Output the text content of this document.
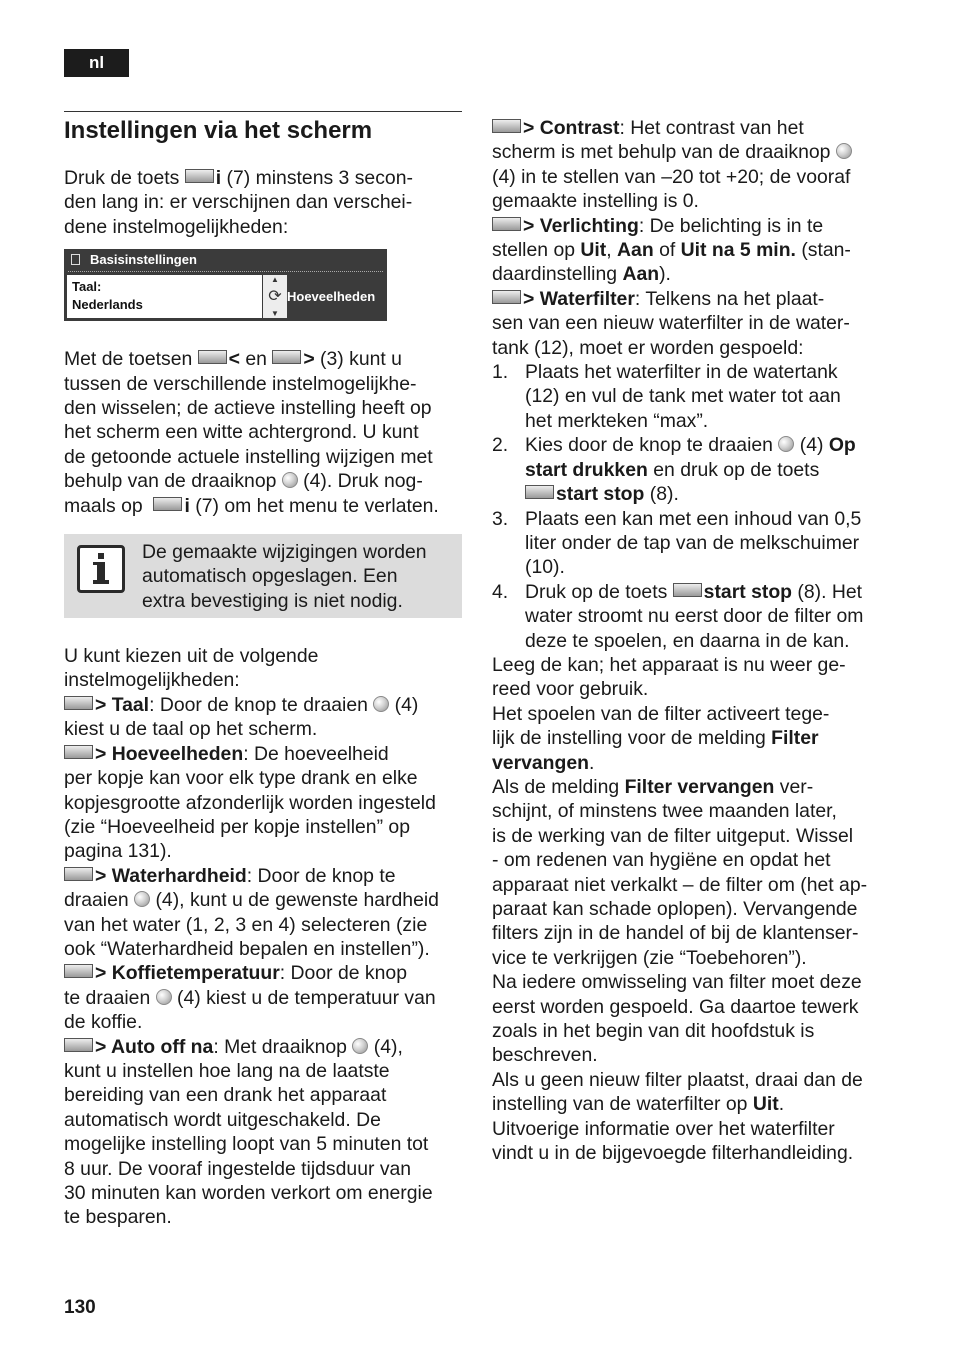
nl
Instellingen via het scherm

Druk de toets i (7) minstens 3 secon-
den lang in: er verschijnen dan verschei-
dene instelmogelijkheden:

Basisinstellingen
Taal:
Nederlands
▲
⟳
▼
Hoeveelheden

Met de toetsen < en > (3) kunt u
tussen de verschillende instelmogelijkhe-
den wisselen; de actieve instelling heeft op
het scherm een witte achtergrond. U kunt
de getoonde actuele instelling wijzigen met
behulp van de draaiknop  (4). Druk nog-
maals op i (7) om het menu te verlaten.

De gemaakte wijzigingen worden
automatisch opgeslagen. Een
extra bevestiging is niet nodig.

U kunt kiezen uit de volgende
instelmogelijkheden:
> Taal: Door de knop te draaien  (4)
kiest u de taal op het scherm.
> Hoeveelheden: De hoeveelheid
per kopje kan voor elk type drank en elke
kopjesgrootte afzonderlijk worden ingesteld
(zie “Hoeveelheid per kopje instellen” op
pagina 131).
> Waterhardheid: Door de knop te
draaien  (4), kunt u de gewenste hardheid
van het water (1, 2, 3 en 4) selecteren (zie
ook “Waterhardheid bepalen en instellen”).
> Koffietemperatuur: Door de knop
te draaien  (4) kiest u de temperatuur van
de koffie.
> Auto off na: Met draaiknop  (4),
kunt u instellen hoe lang na de laatste
bereiding van een drank het apparaat
automatisch wordt uitgeschakeld. De
mogelijke instelling loopt van 5 minuten tot
8 uur. De vooraf ingestelde tijdsduur van
30 minuten kan worden verkort om energie
te besparen.

> Contrast: Het contrast van het
scherm is met behulp van de draaiknop
(4) in te stellen van –20 tot +20; de vooraf
gemaakte instelling is 0.
> Verlichting: De belichting is in te
stellen op Uit, Aan of Uit na 5 min. (stan-
daardinstelling Aan).
> Waterfilter: Telkens na het plaat-
sen van een nieuw waterfilter in de water-
tank (12), moet er worden gespoeld:

1. Plaats het waterfilter in de watertank
(12) en vul de tank met water tot aan
het merkteken “max”.
2. Kies door de knop te draaien  (4) Op
start drukken en druk op de toets
start stop (8).
3. Plaats een kan met een inhoud van 0,5
liter onder de tap van de melkschuimer
(10).
4. Druk op de toets start stop (8). Het
water stroomt nu eerst door de filter om
deze te spoelen, en daarna in de kan.

Leeg de kan; het apparaat is nu weer ge-
reed voor gebruik.
Het spoelen van de filter activeert tege-
lijk de instelling voor de melding Filter
vervangen.
Als de melding Filter vervangen ver-
schijnt, of minstens twee maanden later,
is de werking van de filter uitgeput. Wissel
- om redenen van hygiëne en opdat het
apparaat niet verkalkt – de filter om (het ap-
paraat kan schade oplopen). Vervangende
filters zijn in de handel of bij de klantenser-
vice te verkrijgen (zie “Toebehoren”).
Na iedere omwisseling van filter moet deze
eerst worden gespoeld. Ga daartoe tewerk
zoals in het begin van dit hoofdstuk is
beschreven.
Als u geen nieuw filter plaatst, draai dan de
instelling van de waterfilter op Uit.
Uitvoerige informatie over het waterfilter
vindt u in de bijgevoegde filterhandleiding.

130
